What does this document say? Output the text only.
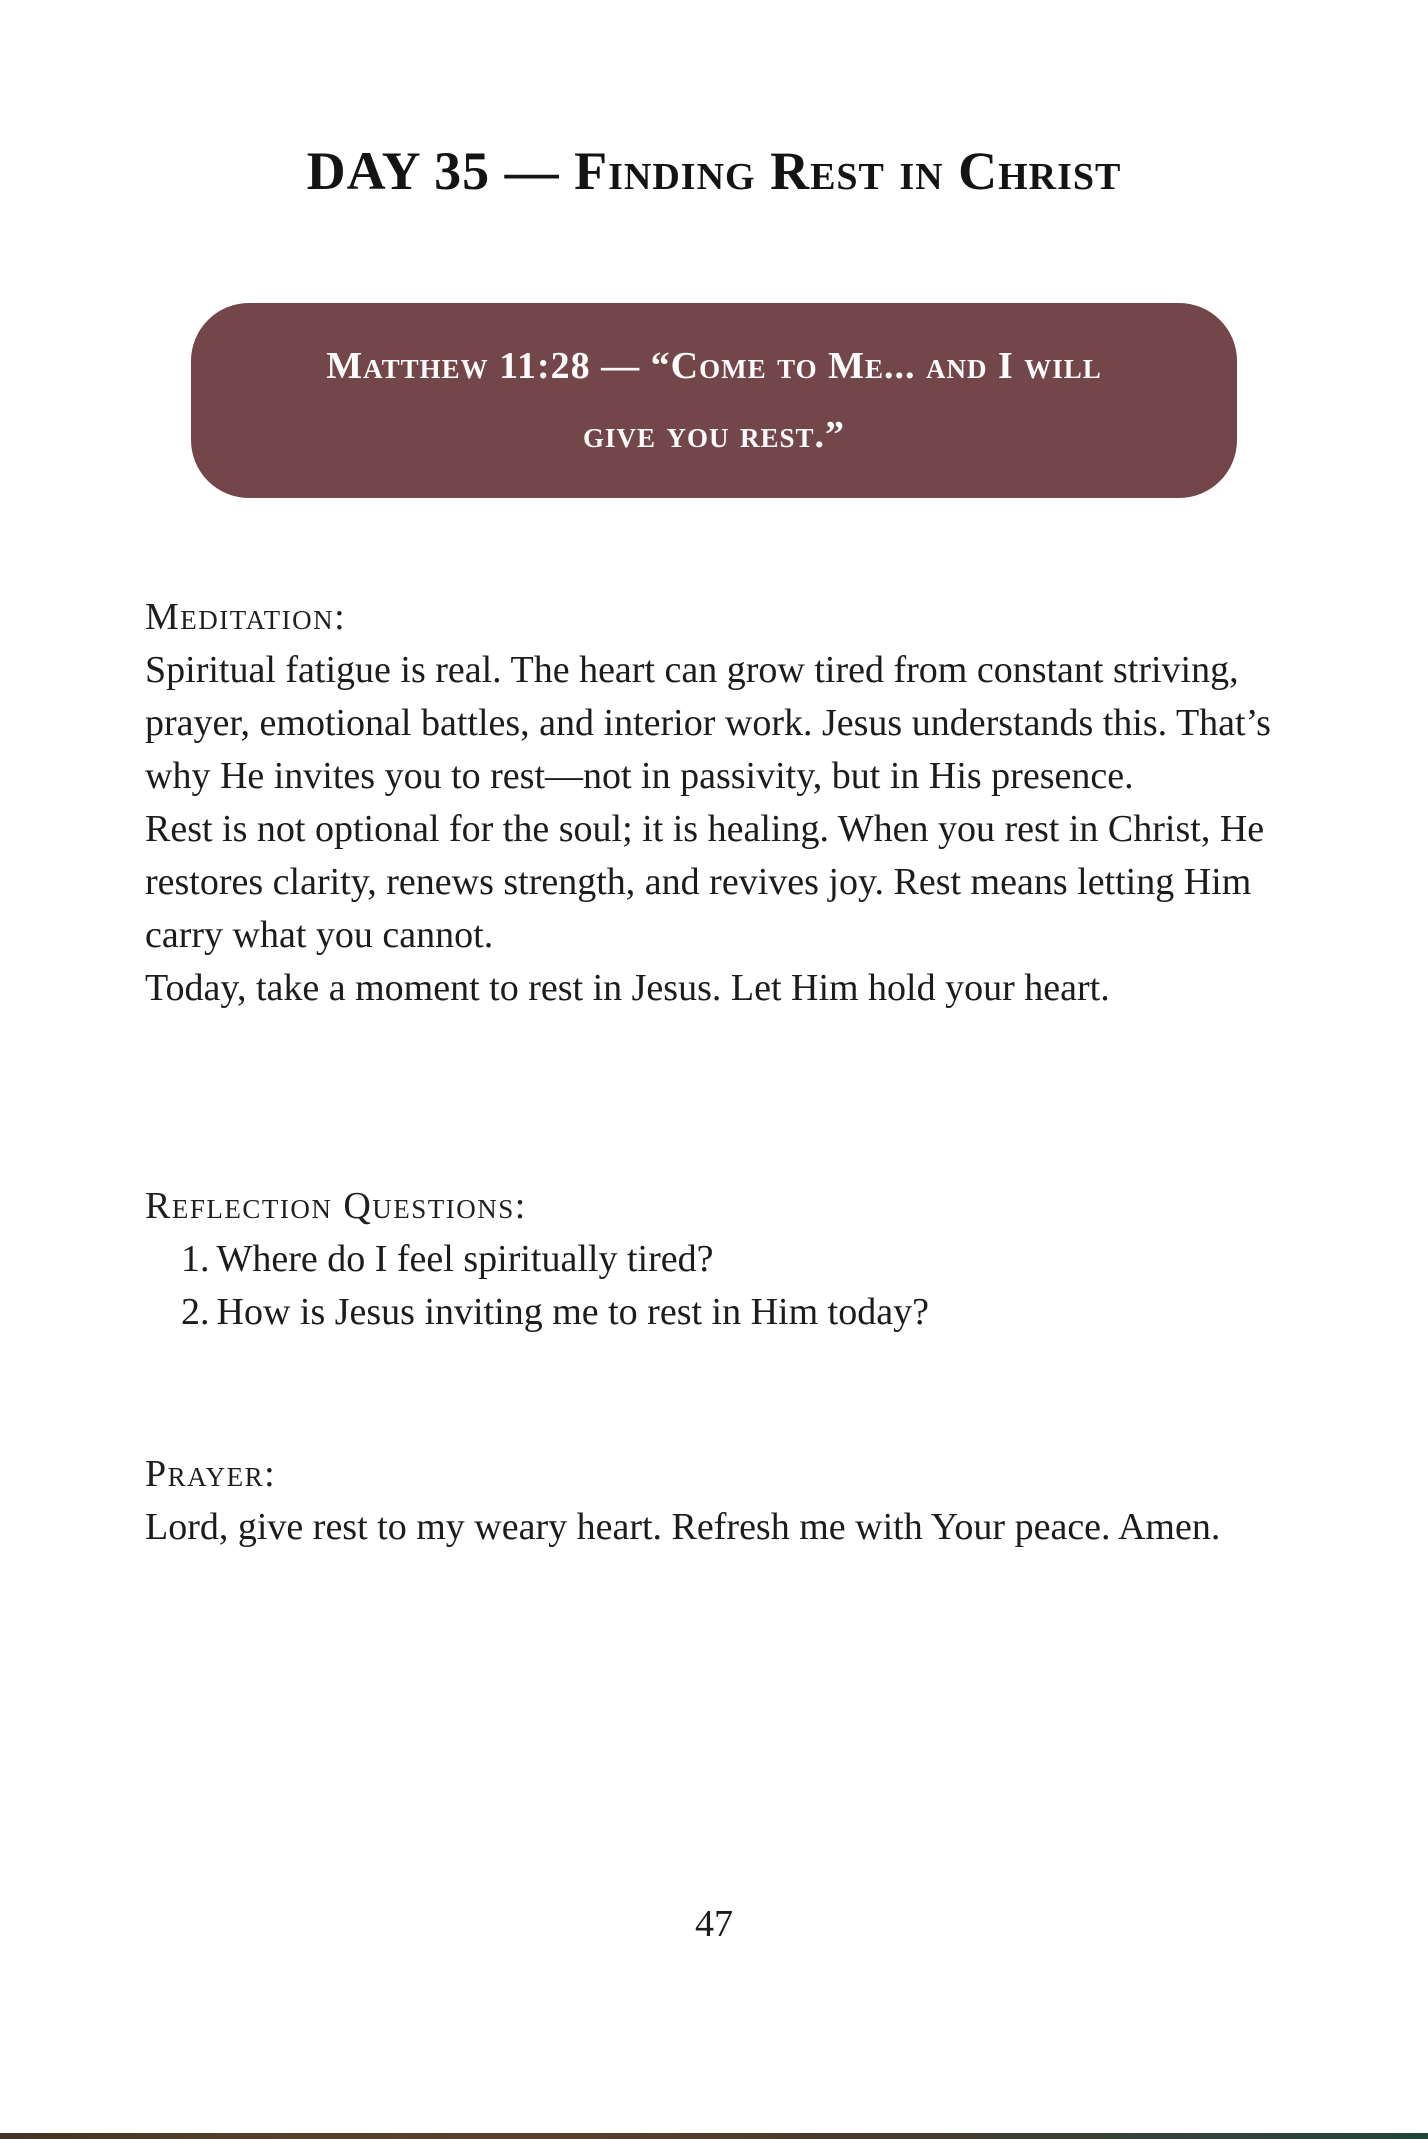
DAY 35 — Finding Rest in Christ
Matthew 11:28 — “Come to Me... and I will
give you rest.”
Meditation:
Spiritual fatigue is real. The heart can grow tired from constant striving,
prayer, emotional battles, and interior work. Jesus understands this. That’s
why He invites you to rest—not in passivity, but in His presence.
Rest is not optional for the soul; it is healing. When you rest in Christ, He
restores clarity, renews strength, and revives joy. Rest means letting Him
carry what you cannot.
Today, take a moment to rest in Jesus. Let Him hold your heart.
Reflection Questions:
1. Where do I feel spiritually tired?
2. How is Jesus inviting me to rest in Him today?
Prayer:
Lord, give rest to my weary heart. Refresh me with Your peace. Amen.
47
